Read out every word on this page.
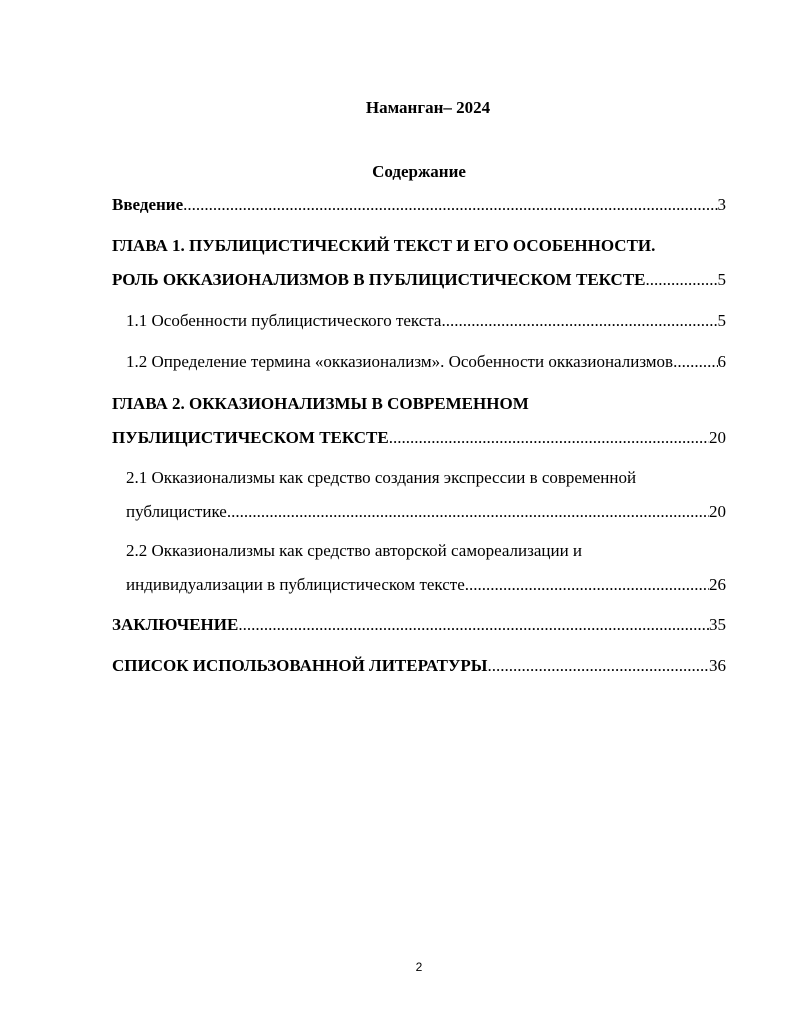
Наманган– 2024
Содержание
Введение .....	3
ГЛАВА 1. ПУБЛИЦИСТИЧЕСКИЙ ТЕКСТ И ЕГО ОСОБЕННОСТИ.
РОЛЬ ОККАЗИОНАЛИЗМОВ В ПУБЛИЦИСТИЧЕСКОМ ТЕКСТЕ .....	5
1.1 Особенности публицистического текста .....	5
1.2 Определение термина «окказионализм». Особенности окказионализмов .....	6
ГЛАВА 2. ОККАЗИОНАЛИЗМЫ В СОВРЕМЕННОМ
ПУБЛИЦИСТИЧЕСКОМ ТЕКСТЕ .....	20
2.1 Окказионализмы как средство создания экспрессии в современной
публицистике .....	20
2.2 Окказионализмы как средство авторской самореализации и
индивидуализации в публицистическом тексте .....	26
ЗАКЛЮЧЕНИЕ .....	35
СПИСОК ИСПОЛЬЗОВАННОЙ ЛИТЕРАТУРЫ .....	36
2
